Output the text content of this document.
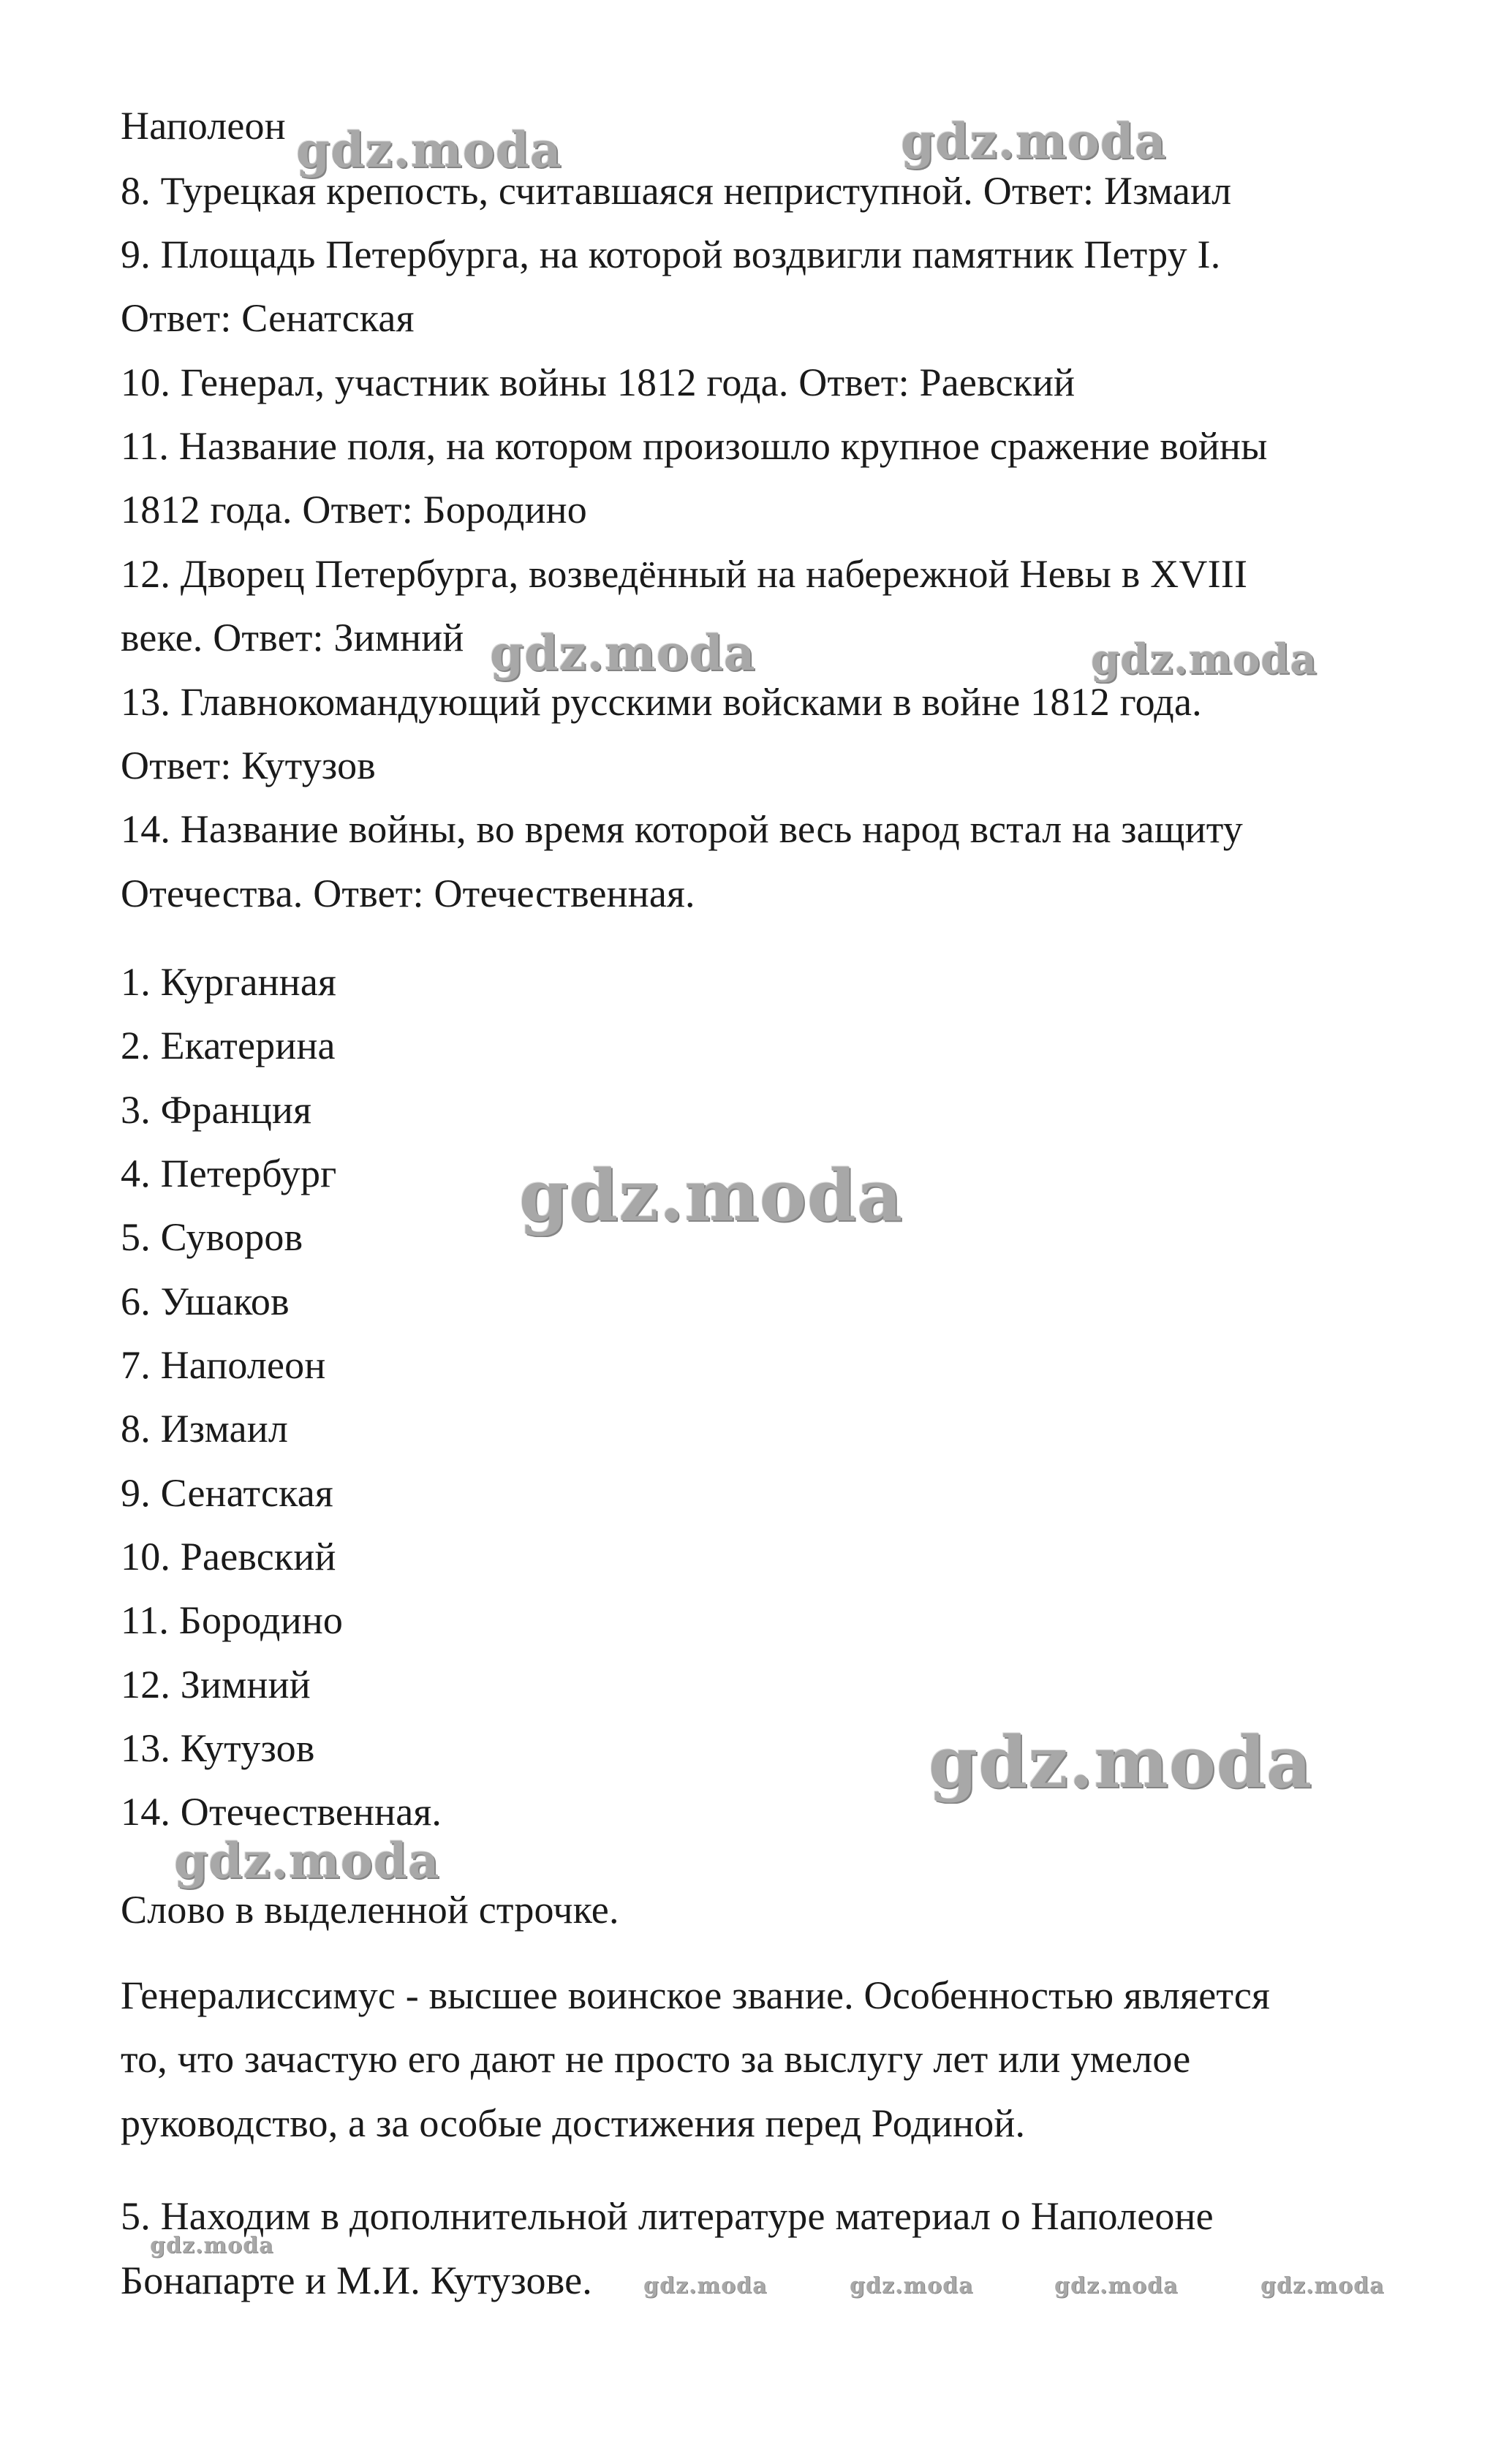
Наполеон
8. Турецкая крепость, считавшаяся неприступной. Ответ: Измаил
9. Площадь Петербурга, на которой воздвигли памятник Петру I.
Ответ: Сенатская
10. Генерал, участник войны 1812 года. Ответ: Раевский
11. Название поля, на котором произошло крупное сражение войны
1812 года. Ответ: Бородино
12. Дворец Петербурга, возведённый на набережной Невы в XVIII
веке. Ответ: Зимний
13. Главнокомандующий русскими войсками в войне 1812 года.
Ответ: Кутузов
14. Название войны, во время которой весь народ встал на защиту
Отечества. Ответ: Отечественная.
1. Курганная
2. Екатерина
3. Франция
4. Петербург
5. Суворов
6. Ушаков
7. Наполеон
8. Измаил
9. Сенатская
10. Раевский
11. Бородино
12. Зимний
13. Кутузов
14. Отечественная.
Слово в выделенной строчке.
Генералиссимус - высшее воинское звание. Особенностью является
то, что зачастую его дают не просто за выслугу лет или умелое
руководство, а за особые достижения перед Родиной.
5. Находим в дополнительной литературе материал о Наполеоне
Бонапарте и М.И. Кутузове.
gdz.moda	gdz.moda
gdz.moda	gdz.moda
gdz.moda
gdz.moda
gdz.moda
gdz.moda
gdz.moda	gdz.moda	gdz.moda	gdz.moda
